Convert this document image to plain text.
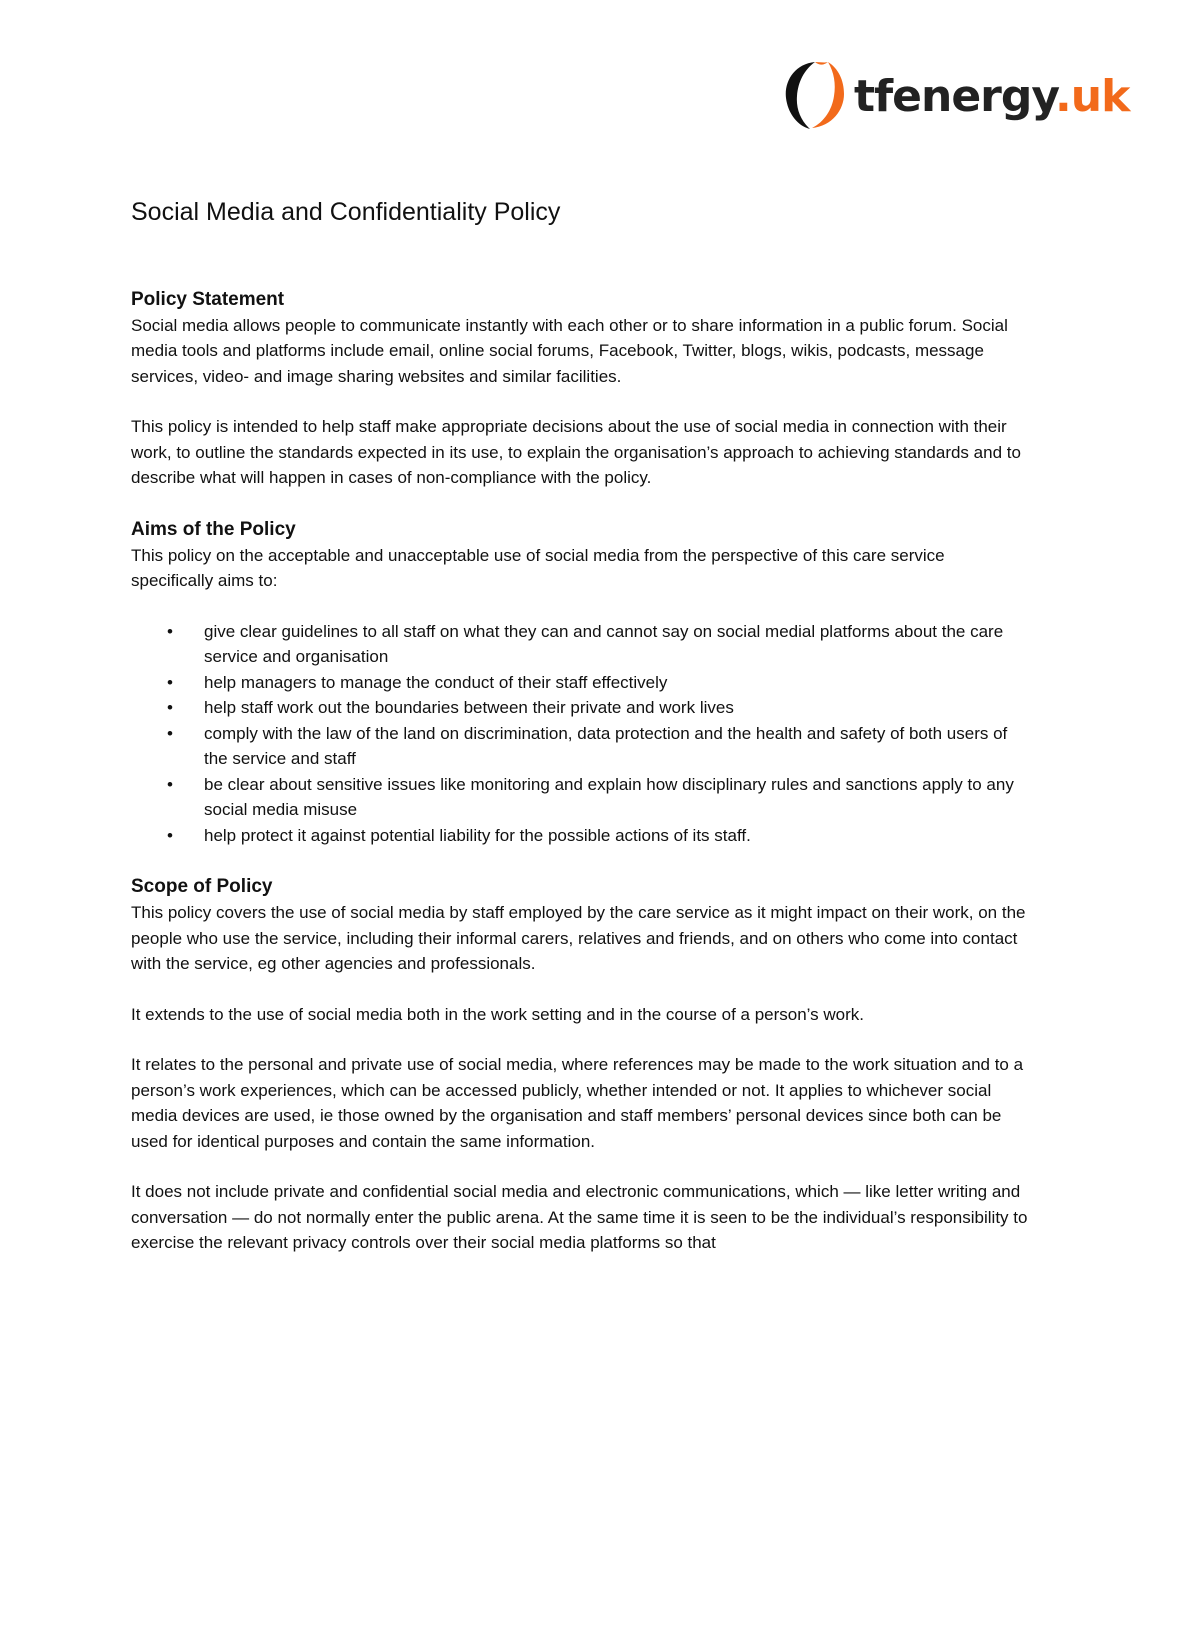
tfenergy.uk
Social Media and Confidentiality Policy
Policy Statement

Social media allows people to communicate instantly with each other or to share information in a public forum. Social media tools and platforms include email, online social forums, Facebook, Twitter, blogs, wikis, podcasts, message services, video- and image sharing websites and similar facilities.

This policy is intended to help staff make appropriate decisions about the use of social media in connection with their work, to outline the standards expected in its use, to explain the organisation’s approach to achieving standards and to describe what will happen in cases of non-compliance with the policy.

Aims of the Policy

This policy on the acceptable and unacceptable use of social media from the perspective of this care service specifically aims to:

• give clear guidelines to all staff on what they can and cannot say on social medial platforms about the care service and organisation
• help managers to manage the conduct of their staff effectively
• help staff work out the boundaries between their private and work lives
• comply with the law of the land on discrimination, data protection and the health and safety of both users of the service and staff
• be clear about sensitive issues like monitoring and explain how disciplinary rules and sanctions apply to any social media misuse
• help protect it against potential liability for the possible actions of its staff.
Scope of Policy

This policy covers the use of social media by staff employed by the care service as it might impact on their work, on the people who use the service, including their informal carers, relatives and friends, and on others who come into contact with the service, eg other agencies and professionals.

It extends to the use of social media both in the work setting and in the course of a person’s work.

It relates to the personal and private use of social media, where references may be made to the work situation and to a person’s work experiences, which can be accessed publicly, whether intended or not. It applies to whichever social media devices are used, ie those owned by the organisation and staff members’ personal devices since both can be used for identical purposes and contain the same information.

It does not include private and confidential social media and electronic communications, which — like letter writing and conversation — do not normally enter the public arena. At the same time it is seen to be the individual’s responsibility to exercise the relevant privacy controls over their social media platforms so that
